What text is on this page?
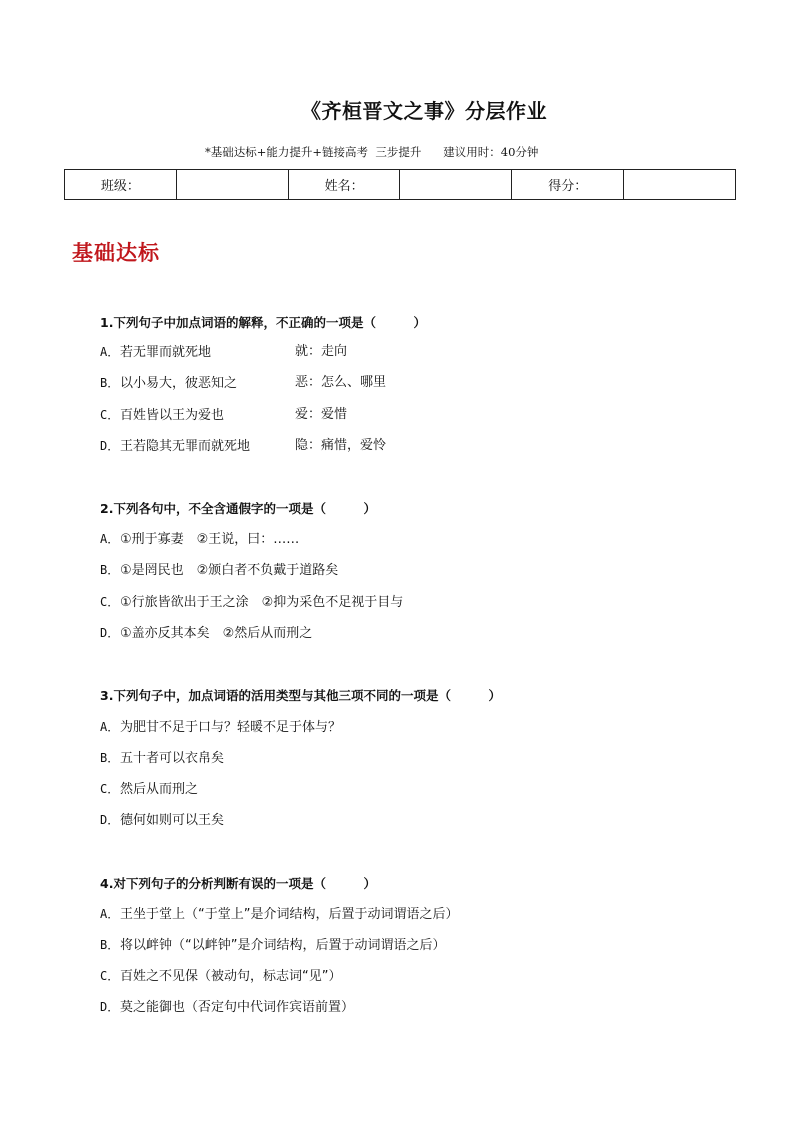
《齐桓晋文之事》分层作业
*基础达标+能力提升+链接高考  三步提升      建议用时：40分钟
班级：		姓名：		得分：	
基础达标
1.下列句子中加点词语的解释，不正确的一项是（　　　）
A．若无罪而就死地	就：走向
B．以小易大，彼恶知之	恶：怎么、哪里
C．百姓皆以王为爱也	爱：爱惜
D．王若隐其无罪而就死地	隐：痛惜，爱怜
2.下列各句中，不全含通假字的一项是（　　　）
A．①刑于寡妻　②王说，曰：……
B．①是罔民也　②颁白者不负戴于道路矣
C．①行旅皆欲出于王之涂　②抑为采色不足视于目与
D．①盖亦反其本矣　②然后从而刑之
3.下列句子中，加点词语的活用类型与其他三项不同的一项是（　　　）
A．为肥甘不足于口与？轻暖不足于体与？
B．五十者可以衣帛矣
C．然后从而刑之
D．德何如则可以王矣
4.对下列句子的分析判断有误的一项是（　　　）
A．王坐于堂上（“于堂上”是介词结构，后置于动词谓语之后）
B．将以衅钟（“以衅钟”是介词结构，后置于动词谓语之后）
C．百姓之不见保（被动句，标志词“见”）
D．莫之能御也（否定句中代词作宾语前置）
